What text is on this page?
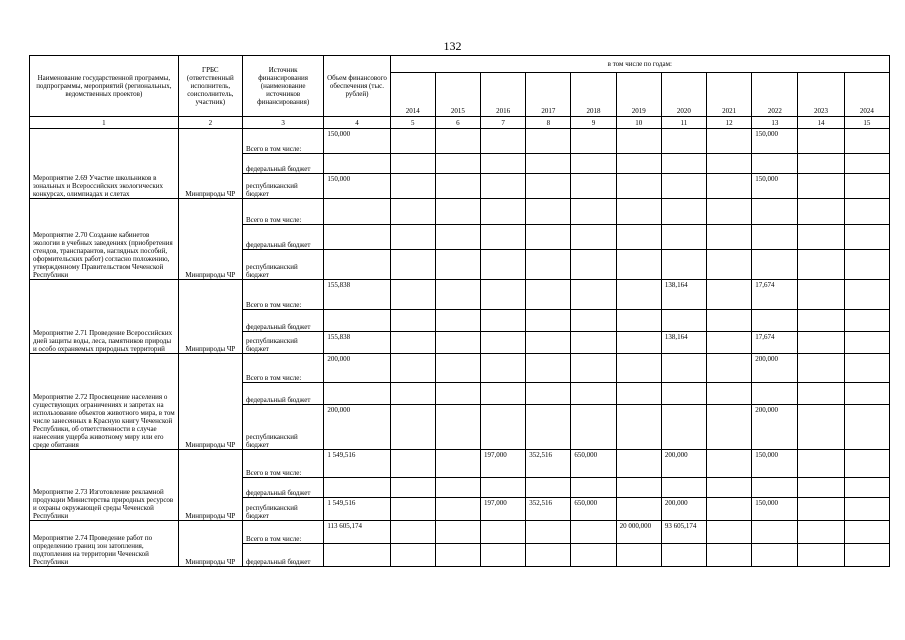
132
Наименование государственной программы, подпрограммы, мероприятий (региональных, ведомственных проектов)	ГРБС (ответственный исполнитель, соисполнитель, участник)	Источник финансирования (наименование источников финансирования)	Объем финансового обеспечения (тыс. рублей)	в том числе по годам:										
				2014	2015	2016	2017	2018	2019	2020	2021	2022	2023	2024
1	2	3	4	5	6	7	8	9	10	11	12	13	14	15
Мероприятие 2.69 Участие школьников в зональных и Всероссийских экологических конкурсах, олимпиадах и слетах		Всего в том числе:	150,000									150,000		
		федеральный бюджет												
	Минприроды ЧР	республиканский бюджет	150,000									150,000		
Мероприятие 2.70 Создание кабинетов экологии в учебных заведениях (приобретения стендов, транспарантов, наглядных пособий, оформительских работ) согласно положению, утвержденному Правительством Чеченской Республики		Всего в том числе:												
		федеральный бюджет												
	Минприроды ЧР	республиканский бюджет												
Мероприятие 2.71 Проведение Всероссийских дней защиты воды, леса, памятников природы и особо охраняемых природных территорий		Всего в том числе:	155,838							138,164		17,674		
		федеральный бюджет												
	Минприроды ЧР	республиканский бюджет	155,838							138,164		17,674		
Мероприятие 2.72 Просвещение населения о существующих ограничениях и запретах на использование объектов животного мира, в том числе занесенных в Красную книгу Чеченской Республики, об ответственности в случае нанесения ущерба животному миру или его среде обитания		Всего в том числе:	200,000									200,000		
		федеральный бюджет												
	Минприроды ЧР	республиканский бюджет	200,000									200,000		
Мероприятие 2.73 Изготовление рекламной продукции Министерства природных ресурсов и охраны окружающей среды Чеченской Республики		Всего в том числе:	1 549,516			197,000	352,516	650,000		200,000		150,000		
		федеральный бюджет												
	Минприроды ЧР	республиканский бюджет	1 549,516			197,000	352,516	650,000		200,000		150,000		
Мероприятие 2.74 Проведение работ по определению границ зон затопления, подтопления на территории Чеченской Республики		Всего в том числе:	113 605,174						20 000,000	93 605,174				
	Минприроды ЧР	федеральный бюджет												
